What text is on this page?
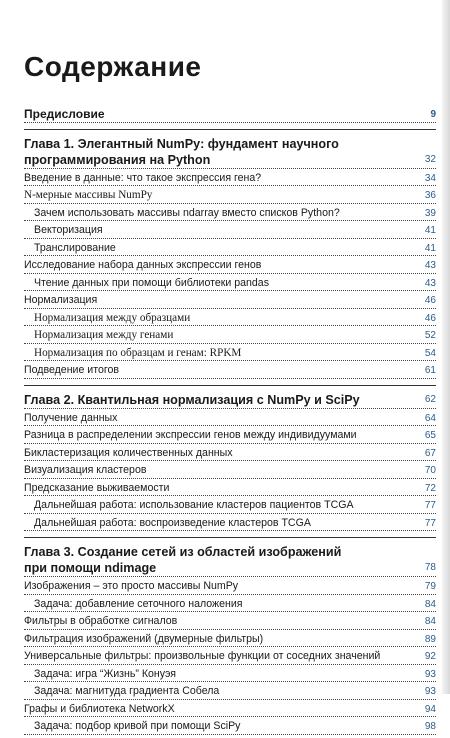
Содержание
Предисловие	9
Глава 1. Элегантный NumPy: фундамент научного
программирования на Python	32
Введение в данные: что такое экспрессия гена?	34
N-мерные массивы NumPy	36
Зачем использовать массивы ndarray вместо списков Python?	39
Векторизация	41
Транслирование	41
Исследование набора данных экспрессии генов	43
Чтение данных при помощи библиотеки pandas	43
Нормализация	46
Нормализация между образцами	46
Нормализация между генами	52
Нормализация по образцам и генам: RPKM	54
Подведение итогов	61
Глава 2. Квантильная нормализация с NumPy и SciPy	62
Получение данных	64
Разница в распределении экспрессии генов между индивидуумами	65
Бикластеризация количественных данных	67
Визуализация кластеров	70
Предсказание выживаемости	72
Дальнейшая работа: использование кластеров пациентов TCGA	77
Дальнейшая работа: воспроизведение кластеров TCGA	77
Глава 3. Создание сетей из областей изображений
при помощи ndimage	78
Изображения – это просто массивы NumPy	79
Задача: добавление сеточного наложения	84
Фильтры в обработке сигналов	84
Фильтрация изображений (двумерные фильтры)	89
Универсальные фильтры: произвольные функции от соседних значений	92
Задача: игра “Жизнь” Конуэя	93
Задача: магнитуда градиента Собела	93
Графы и библиотека NetworkX	94
Задача: подбор кривой при помощи SciPy	98
